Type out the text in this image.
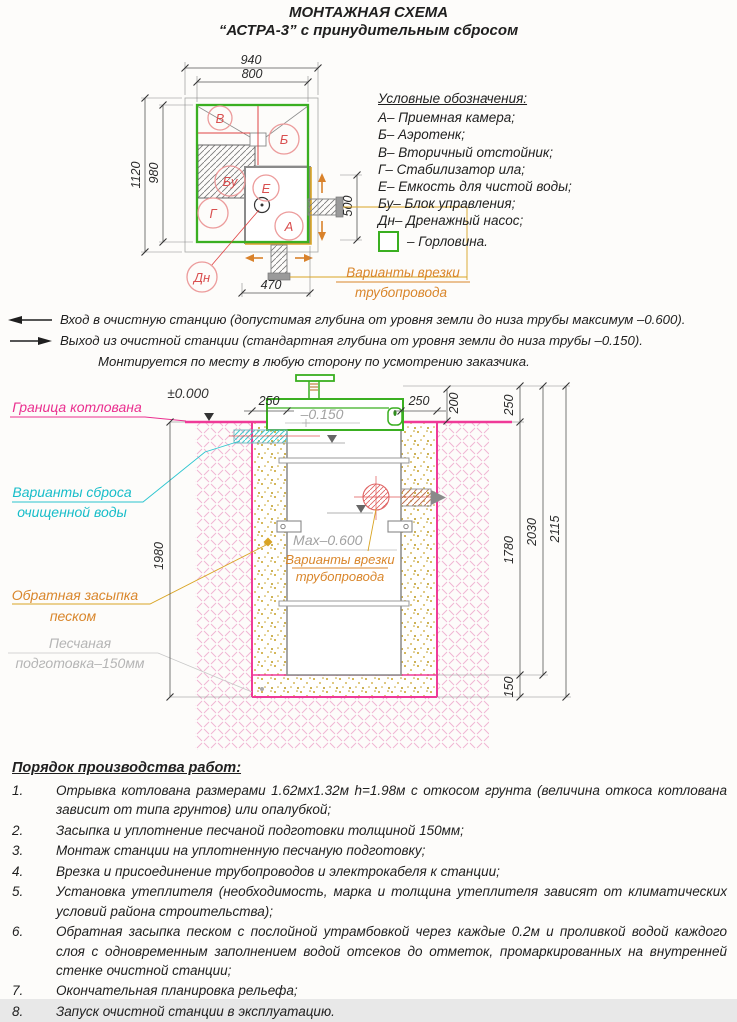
МОНТАЖНАЯ СХЕМА
“АСТРА-3” с принудительным сбросом
В
Б
Бу Е
Г
А
Дн
940
800
1120 980
500
470
Варианты врезки
трубопровода
–0.150
Мах–0.600
Варианты врезки
трубопровода
±0.000
Граница котлована
Варианты сброса
очищенной воды
Обратная засыпка
песком
Песчаная
подготовка–150мм
250	250 200	250
1980	1780
2030 2115
150
Условные обозначения:
А– Приемная камера;
Б– Аэротенк;
В– Вторичный отстойник;
Г– Стабилизатор ила;
Е– Емкость для чистой воды;
Бу– Блок управления;
Дн– Дренажный насос;
– Горловина.
Вход в очистную станцию (допустимая глубина от уровня земли до низа трубы максимум –0.600).
Выход из очистной станции (стандартная глубина от уровня земли до низа трубы –0.150).
Монтируется по месту в любую сторону по усмотрению заказчика.
Порядок производства работ:
1.	Отрывка котлована размерами 1.62мх1.32м h=1.98м с откосом грунта (величина откоса котлована зависит от типа грунтов) или опалубкой;
2.	Засыпка и уплотнение песчаной подготовки толщиной 150мм;
3.	Монтаж станции на уплотненную песчаную подготовку;
4.	Врезка и присоединение трубопроводов и электрокабеля к станции;
5.	Установка утеплителя (необходимость, марка и толщина утеплителя зависят от климатических условий района строительства);
6.	Обратная засыпка песком с послойной утрамбовкой через каждые 0.2м и проливкой водой каждого слоя с одновременным заполнением водой отсеков до отметок, промаркированных на внутренней стенке очистной станции;
7.	Окончательная планировка рельефа;
8.	Запуск очистной станции в эксплуатацию.
